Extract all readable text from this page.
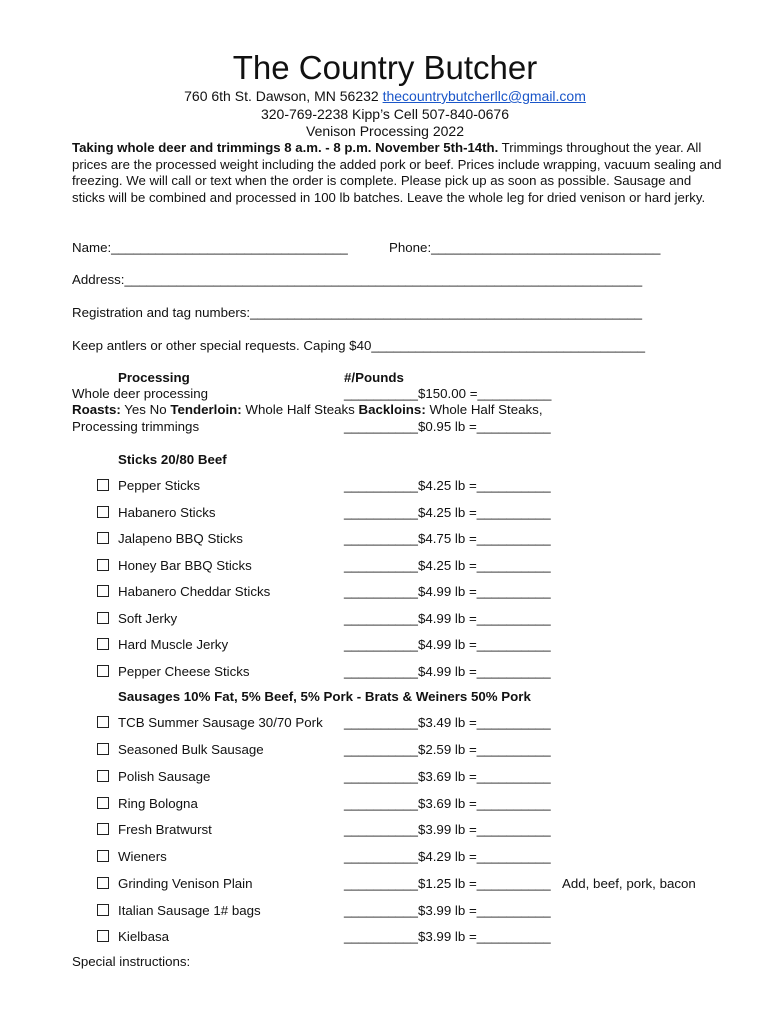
The Country Butcher
760 6th St. Dawson, MN 56232 thecountrybutcherllc@gmail.com
320-769-2238 Kipp’s Cell 507-840-0676
Venison Processing 2022
Taking whole deer and trimmings 8 a.m. - 8 p.m. November 5th-14th. Trimmings throughout the year. All prices are the processed weight including the added pork or beef. Prices include wrapping, vacuum sealing and freezing. We will call or text when the order is complete. Please pick up as soon as possible. Sausage and sticks will be combined and processed in 100 lb batches. Leave the whole leg for dried venison or hard jerky.
Name:________________________________	Phone:_______________________________
Address:______________________________________________________________________
Registration and tag numbers:_____________________________________________________
Keep antlers or other special requests. Caping $40_____________________________________
Processing	#/Pounds
Whole deer processing	__________$150.00 =__________
Roasts: Yes No Tenderloin: Whole Half Steaks Backloins: Whole Half Steaks,
Processing trimmings	__________$0.95 lb =__________
Sticks 20/80 Beef
Pepper Sticks	__________$4.25 lb =__________
Habanero Sticks	__________$4.25 lb =__________
Jalapeno BBQ Sticks	__________$4.75 lb =__________
Honey Bar BBQ Sticks	__________$4.25 lb =__________
Habanero Cheddar Sticks	__________$4.99 lb =__________
Soft Jerky	__________$4.99 lb =__________
Hard Muscle Jerky	__________$4.99 lb =__________
Pepper Cheese Sticks	__________$4.99 lb =__________
Sausages 10% Fat, 5% Beef, 5% Pork - Brats & Weiners 50% Pork
TCB Summer Sausage 30/70 Pork __________$3.49 lb =__________
Seasoned Bulk Sausage	__________$2.59 lb =__________
Polish Sausage	__________$3.69 lb =__________
Ring Bologna	__________$3.69 lb =__________
Fresh Bratwurst	__________$3.99 lb =__________
Wieners	__________$4.29 lb =__________
Grinding Venison Plain	__________$1.25 lb =__________ Add, beef, pork, bacon
Italian Sausage 1# bags	__________$3.99 lb =__________
Kielbasa	__________$3.99 lb =__________
Special instructions:
